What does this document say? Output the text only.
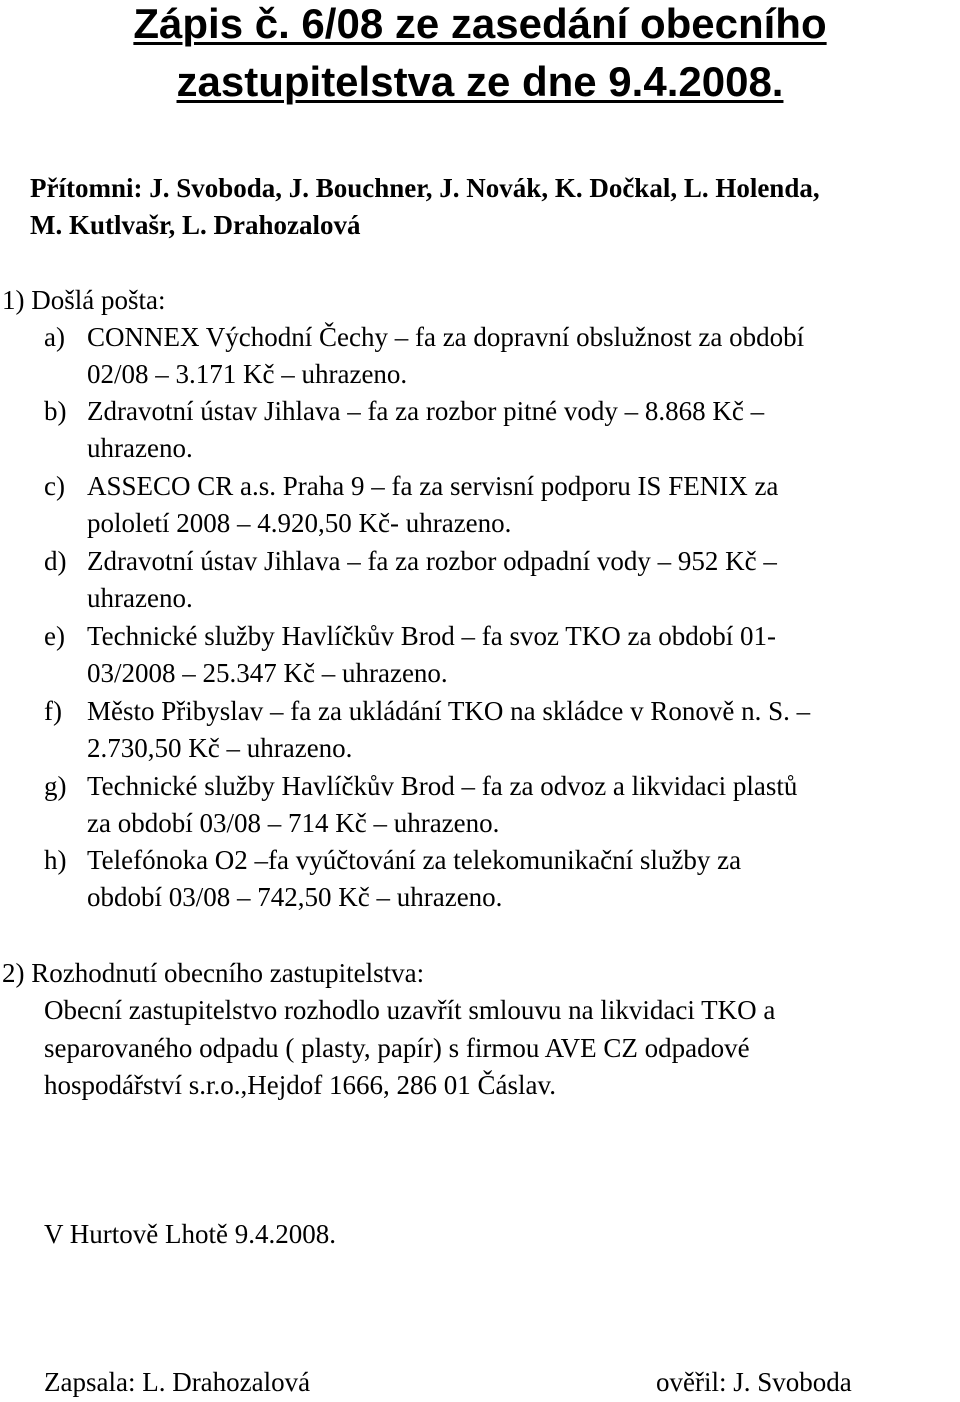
Zápis č. 6/08 ze zasedání obecního
zastupitelstva ze dne 9.4.2008.
Přítomni: J. Svoboda, J. Bouchner, J. Novák, K. Dočkal, L. Holenda,
M. Kutlvašr, L. Drahozalová
1) Došlá pošta:
a) CONNEX Východní Čechy – fa za dopravní obslužnost za období
02/08 – 3.171 Kč – uhrazeno.
b) Zdravotní ústav Jihlava – fa za rozbor pitné vody – 8.868 Kč –
uhrazeno.
c) ASSECO CR a.s. Praha 9 – fa za servisní podporu IS FENIX za
pololetí 2008 – 4.920,50 Kč- uhrazeno.
d) Zdravotní ústav Jihlava – fa za rozbor odpadní vody – 952 Kč –
uhrazeno.
e) Technické služby Havlíčkův Brod – fa svoz TKO za období 01-
03/2008 – 25.347 Kč – uhrazeno.
f) Město Přibyslav – fa za ukládání TKO na skládce v Ronově n. S. –
2.730,50 Kč – uhrazeno.
g) Technické služby Havlíčkův Brod – fa za odvoz a likvidaci plastů
za období 03/08 – 714 Kč – uhrazeno.
h) Telefónoka O2 –fa vyúčtování za telekomunikační služby za
období 03/08 – 742,50 Kč – uhrazeno.
2) Rozhodnutí obecního zastupitelstva:
Obecní zastupitelstvo rozhodlo uzavřít smlouvu na likvidaci TKO a
separovaného odpadu ( plasty, papír) s firmou AVE CZ odpadové
hospodářství s.r.o.,Hejdof 1666, 286 01 Čáslav.
V Hurtově Lhotě 9.4.2008.
Zapsala: L. Drahozalová	ověřil: J. Svoboda
